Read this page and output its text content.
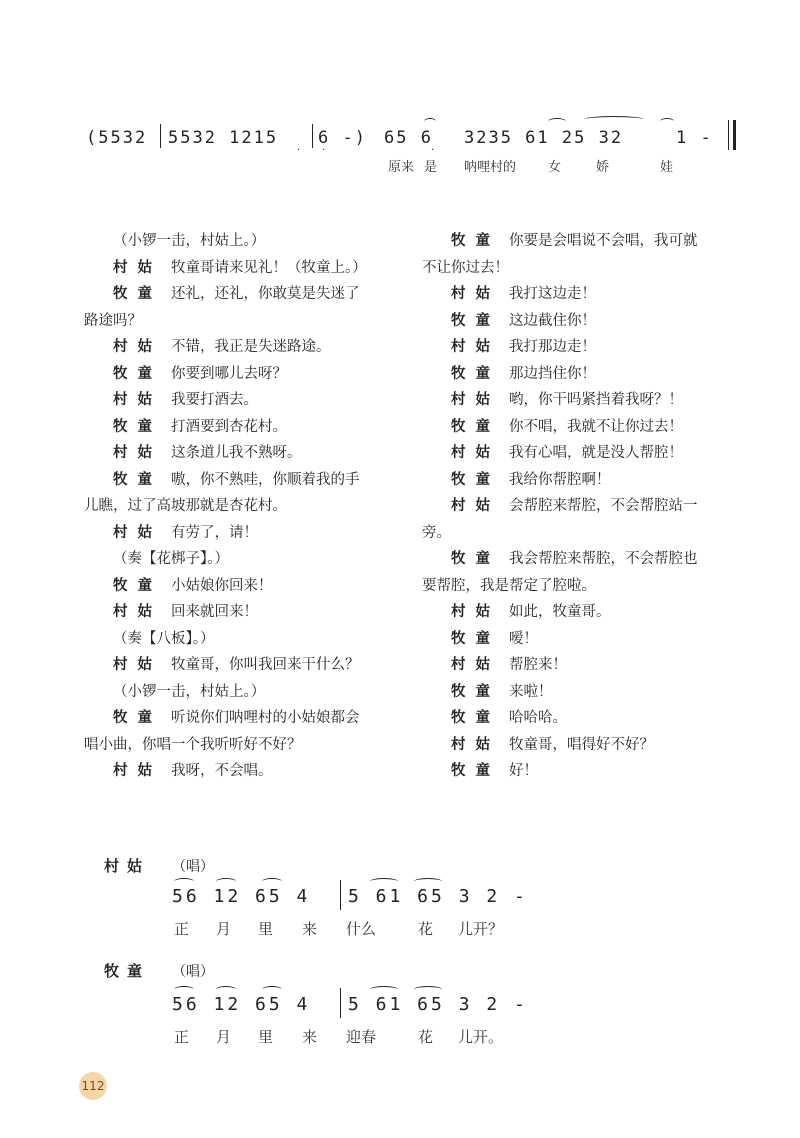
(5532 5532 1215 6 -) 65 6 3235 61 25 32	1 -
· ·	·
原来 是 呐哩村的 女	娇	娃
（小锣一击，村姑上。）
村姑 牧童哥请来见礼！（牧童上。）
牧童 还礼，还礼，你敢莫是失迷了
路途吗？
村姑 不错，我正是失迷路途。
牧童 你要到哪儿去呀？
村姑 我要打酒去。
牧童 打酒要到杏花村。
村姑 这条道儿我不熟呀。
牧童 嗷，你不熟哇，你顺着我的手
儿瞧，过了高坡那就是杏花村。
村姑 有劳了，请！
（奏【花梆子】。）
牧童 小姑娘你回来！
村姑 回来就回来！
（奏【八板】。）
村姑 牧童哥，你叫我回来干什么？
（小锣一击，村姑上。）
牧童 听说你们呐哩村的小姑娘都会
唱小曲，你唱一个我听听好不好？
村姑 我呀，不会唱。
牧童 你要是会唱说不会唱，我可就
不让你过去！
村姑 我打这边走！
牧童 这边截住你！
村姑 我打那边走！
牧童 那边挡住你！
村姑 哟，你干吗紧挡着我呀？！
牧童 你不唱，我就不让你过去！
村姑 我有心唱，就是没人帮腔！
牧童 我给你帮腔啊！
村姑 会帮腔来帮腔，不会帮腔站一
旁。
牧童 我会帮腔来帮腔，不会帮腔也
要帮腔，我是帮定了腔啦。
村姑 如此，牧童哥。
牧童 嗳！
村姑 帮腔来！
牧童 来啦！
牧童 哈哈哈。
村姑 牧童哥，唱得好不好？
牧童 好！
村姑 （唱）
56 12 65 4 5 61 65 3 2 -
正 月 里 来 什么	花 儿开？
牧童 （唱）
56 12 65 4 5 61 65 3 2 -
正 月 里 来 迎春	花 儿开。
112
